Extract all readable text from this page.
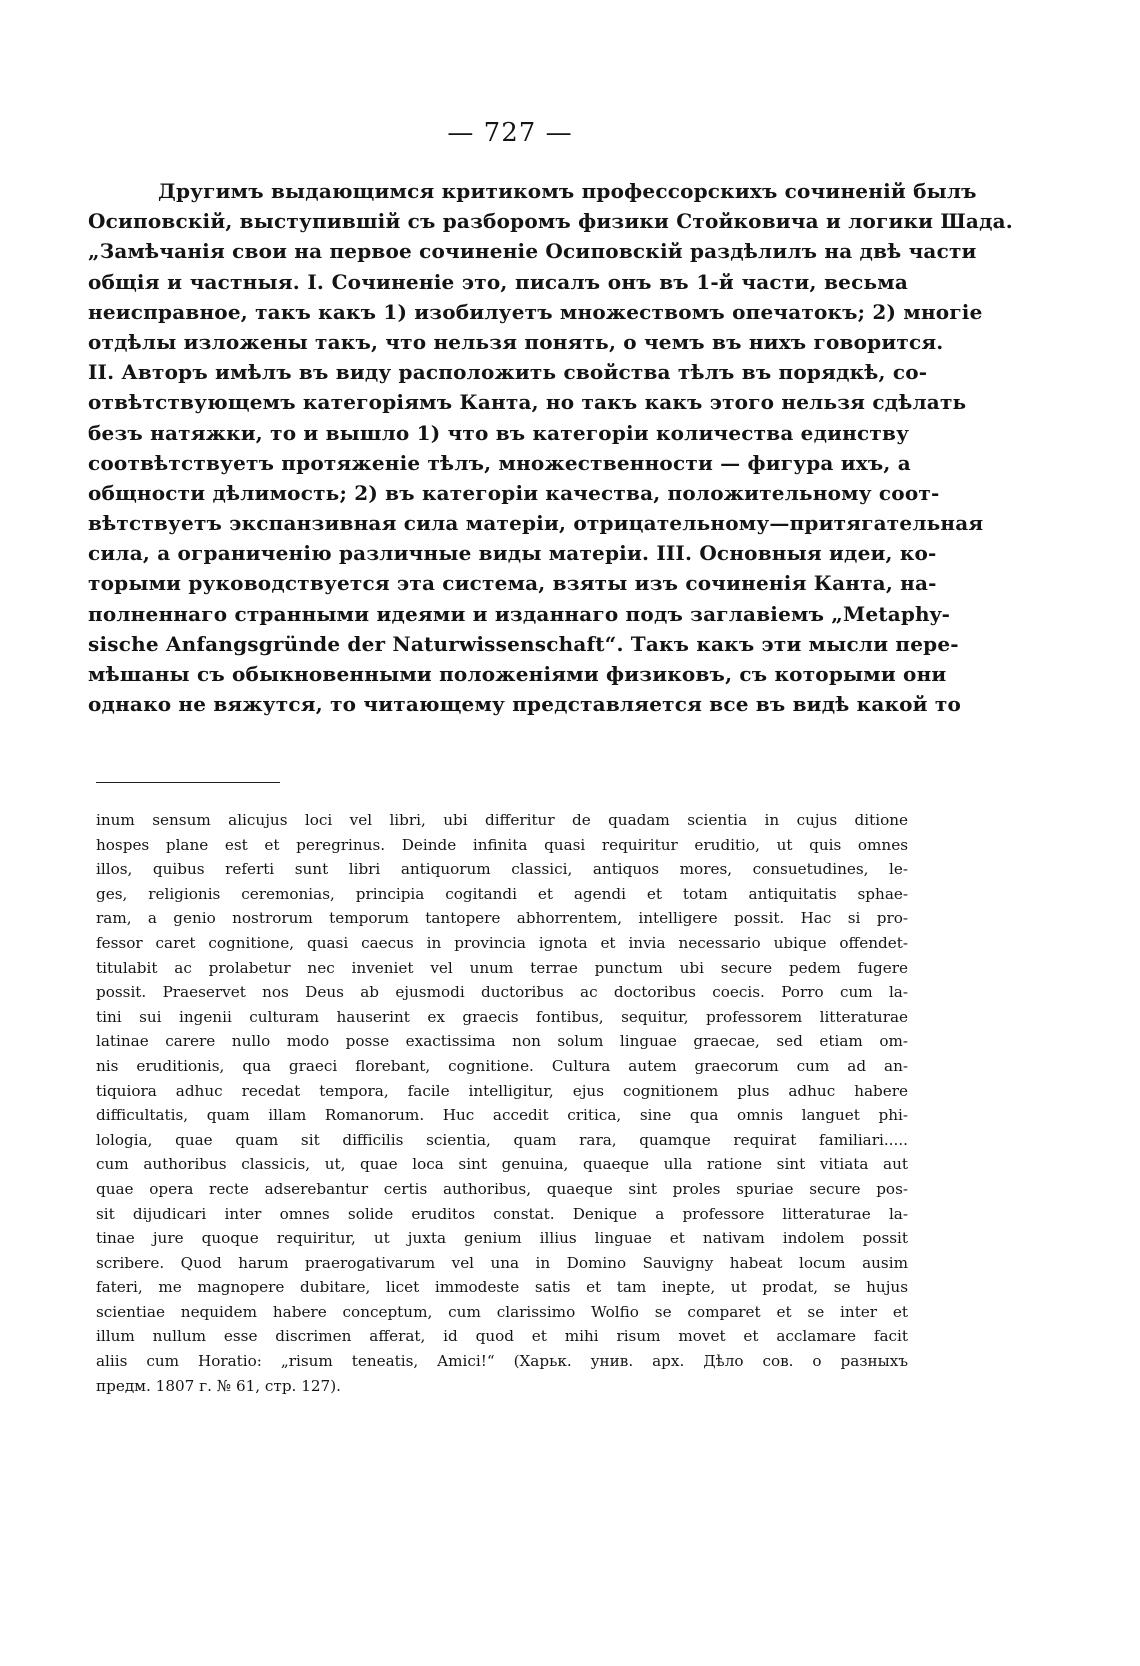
— 727 —
Другимъ выдающимся критикомъ профессорскихъ сочиненій былъ
Осиповскій, выступившій съ разборомъ физики Стойковича и логики Шада.
„Замѣчанія свои на первое сочиненіе Осиповскій раздѣлилъ на двѣ части
общія и частныя. I. Сочиненіе это, писалъ онъ въ 1-й части, весьма
неисправное, такъ какъ 1) изобилуетъ множествомъ опечатокъ; 2) многіе
отдѣлы изложены такъ, что нельзя понять, о чемъ въ нихъ говорится.
II. Авторъ имѣлъ въ виду расположить свойства тѣлъ въ порядкѣ, со-
отвѣтствующемъ категоріямъ Канта, но такъ какъ этого нельзя сдѣлать
безъ натяжки, то и вышло 1) что въ категоріи количества единству
соотвѣтствуетъ протяженіе тѣлъ, множественности — фигура ихъ, а
общности дѣлимость; 2) въ категоріи качества, положительному соот-
вѣтствуетъ экспанзивная сила матеріи, отрицательному—притягательная
сила, а ограниченію различные виды матеріи. III. Основныя идеи, ко-
торыми руководствуется эта система, взяты изъ сочиненія Канта, на-
полненнаго странными идеями и изданнаго подъ заглавіемъ „Metaphy-
sische Anfangsgründe der Naturwissenschaft“. Такъ какъ эти мысли пере-
мѣшаны съ обыкновенными положеніями физиковъ, съ которыми они
однако не вяжутся, то читающему представляется все въ видѣ какой то
inum sensum alicujus loci vel libri, ubi differitur de quadam scientia in cujus ditione
hospes plane est et peregrinus. Deinde infinita quasi requiritur eruditio, ut quis omnes
illos, quibus referti sunt libri antiquorum classici, antiquos mores, consuetudines, le-
ges, religionis ceremonias, principia cogitandi et agendi et totam antiquitatis sphae-
ram, a genio nostrorum temporum tantopere abhorrentem, intelligere possit. Hac si pro-
fessor caret cognitione, quasi caecus in provincia ignota et invia necessario ubique offendet-
titulabit ac prolabetur nec inveniet vel unum terrae punctum ubi secure pedem fugere
possit. Praeservet nos Deus ab ejusmodi ductoribus ac doctoribus coecis. Porro cum la-
tini sui ingenii culturam hauserint ex graecis fontibus, sequitur, professorem litteraturae
latinae carere nullo modo posse exactissima non solum linguae graecae, sed etiam om-
nis eruditionis, qua graeci florebant, cognitione. Cultura autem graecorum cum ad an-
tiquiora adhuc recedat tempora, facile intelligitur, ejus cognitionem plus adhuc habere
difficultatis, quam illam Romanorum. Huc accedit critica, sine qua omnis languet phi-
lologia, quae quam sit difficilis scientia, quam rara, quamque requirat familiari.....
cum authoribus classicis, ut, quae loca sint genuina, quaeque ulla ratione sint vitiata aut
quae opera recte adserebantur certis authoribus, quaeque sint proles spuriae secure pos-
sit dijudicari inter omnes solide eruditos constat. Denique a professore litteraturae la-
tinae jure quoque requiritur, ut juxta genium illius linguae et nativam indolem possit
scribere. Quod harum praerogativarum vel una in Domino Sauvigny habeat locum ausim
fateri, me magnopere dubitare, licet immodeste satis et tam inepte, ut prodat, se hujus
scientiae nequidem habere conceptum, cum clarissimo Wolfio se comparet et se inter et
illum nullum esse discrimen afferat, id quod et mihi risum movet et acclamare facit
aliis cum Horatio: „risum teneatis, Amici!“ (Харьк. унив. арх. Дѣло сов. о разныхъ
предм. 1807 г. № 61, стр. 127).
